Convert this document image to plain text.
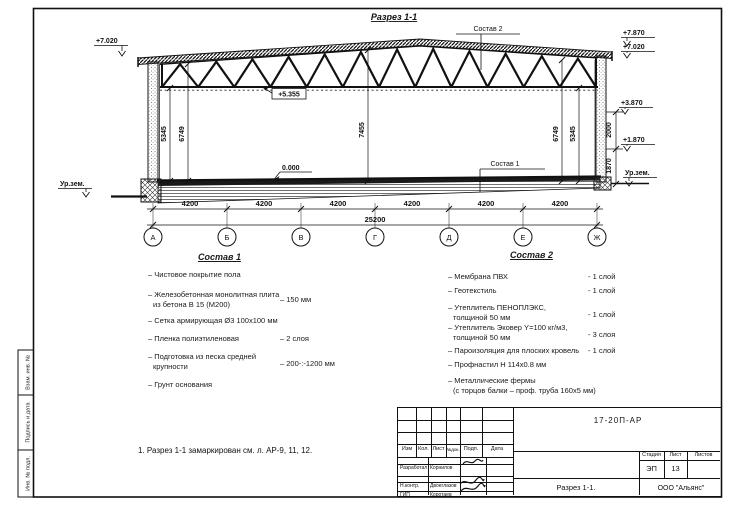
Взам. инв. №
Подпись и дата
Инв. № подл.
Разрез 1-1
Состав 2
Состав 1
+7.020
Ур.зем.
+7.870
+7.020
+3.870
+1.870
Ур.зем.
+5.355
0.000
5345 6749	7455	6749 5345	2000
1870
4200	4200	4200	4200	4200	4200
25200
А	Б	В	Г	Д	Е	Ж
Состав 1
– Чистовое покрытие пола
– Железобетонная монолитная плита
из бетона В 15 (М200)	– 150 мм
– Сетка армирующая Ø3 100х100 мм
– Пленка полиэтиленовая	– 2 слоя
– Подготовка из песка средней
крупности	– 200-:-1200 мм
– Грунт основания
Состав 2
– Мембрана ПВХ	- 1 слой
– Геотекстиль	- 1 слой
– Утеплитель ПЕНОПЛЭКС,
толщиной 50 мм	- 1 слой
– Утеплитель Эковер Y=100 кг/м3,
толщиной 50 мм	- 3 слоя
– Пароизоляция для плоских кровель - 1 слой
– Профнастил Н 114х0.8 мм
– Металлические фермы
(с торцов балки – проф. труба 160х5 мм)
1. Разрез 1-1 замаркирован см. л. АР-9, 11, 12.	Изм Кол. Лист №док. Подп. Дата
Разработал Корнилов
Н.контр. Двоеглазов
ГИП	Коротаев
17-20П-АР
Стадия Лист Листов
ЭП 13
Разрез 1-1.	ООО "Альянс"
